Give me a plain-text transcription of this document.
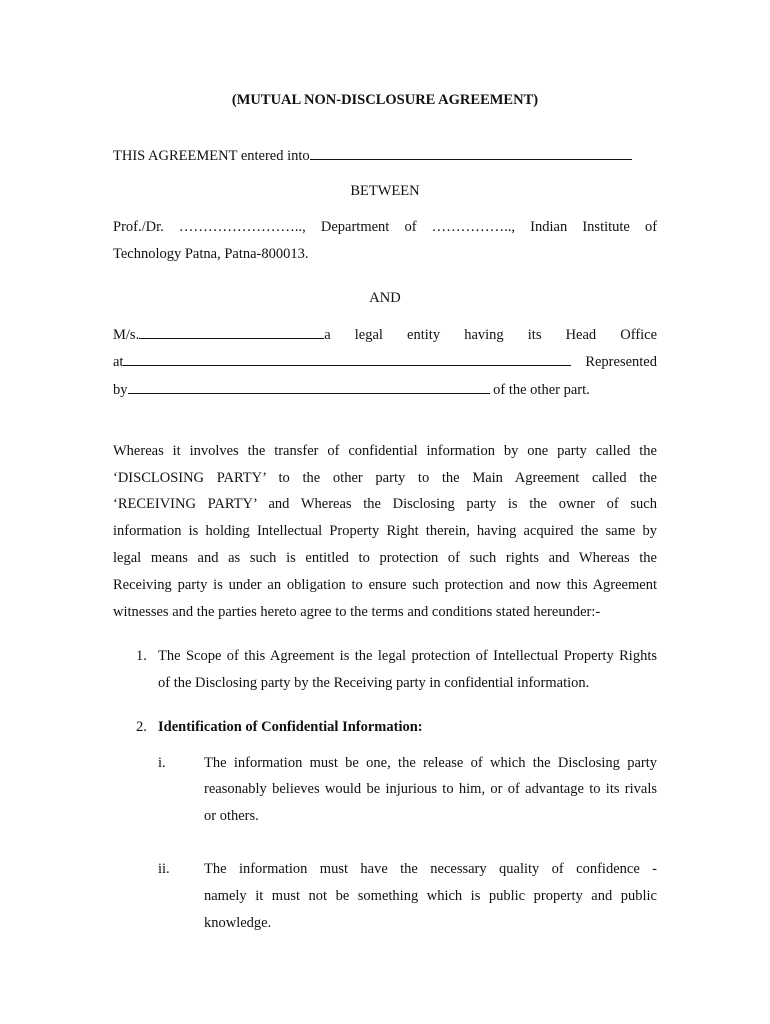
(MUTUAL NON-DISCLOSURE AGREEMENT)
THIS AGREEMENT entered into
BETWEEN
Prof./Dr. …………………….., Department of …………….., Indian Institute of
Technology Patna, Patna-800013.
AND
M/s.	a legal entity having its Head Office
at	Represented
by	of the other part.
Whereas it involves the transfer of confidential information by one party called the
‘DISCLOSING PARTY’ to the other party to the Main Agreement called the
‘RECEIVING PARTY’ and Whereas the Disclosing party is the owner of such
information is holding Intellectual Property Right therein, having acquired the same by
legal means and as such is entitled to protection of such rights and Whereas the
Receiving party is under an obligation to ensure such protection and now this Agreement
witnesses and the parties hereto agree to the terms and conditions stated hereunder:-
1. The Scope of this Agreement is the legal protection of Intellectual Property Rights
of the Disclosing party by the Receiving party in confidential information.
2. Identification of Confidential Information:
i.	The information must be one, the release of which the Disclosing party
reasonably believes would be injurious to him, or of advantage to its rivals
or others.
ii. The information must have the necessary quality of confidence -
namely it must not be something which is public property and public
knowledge.
